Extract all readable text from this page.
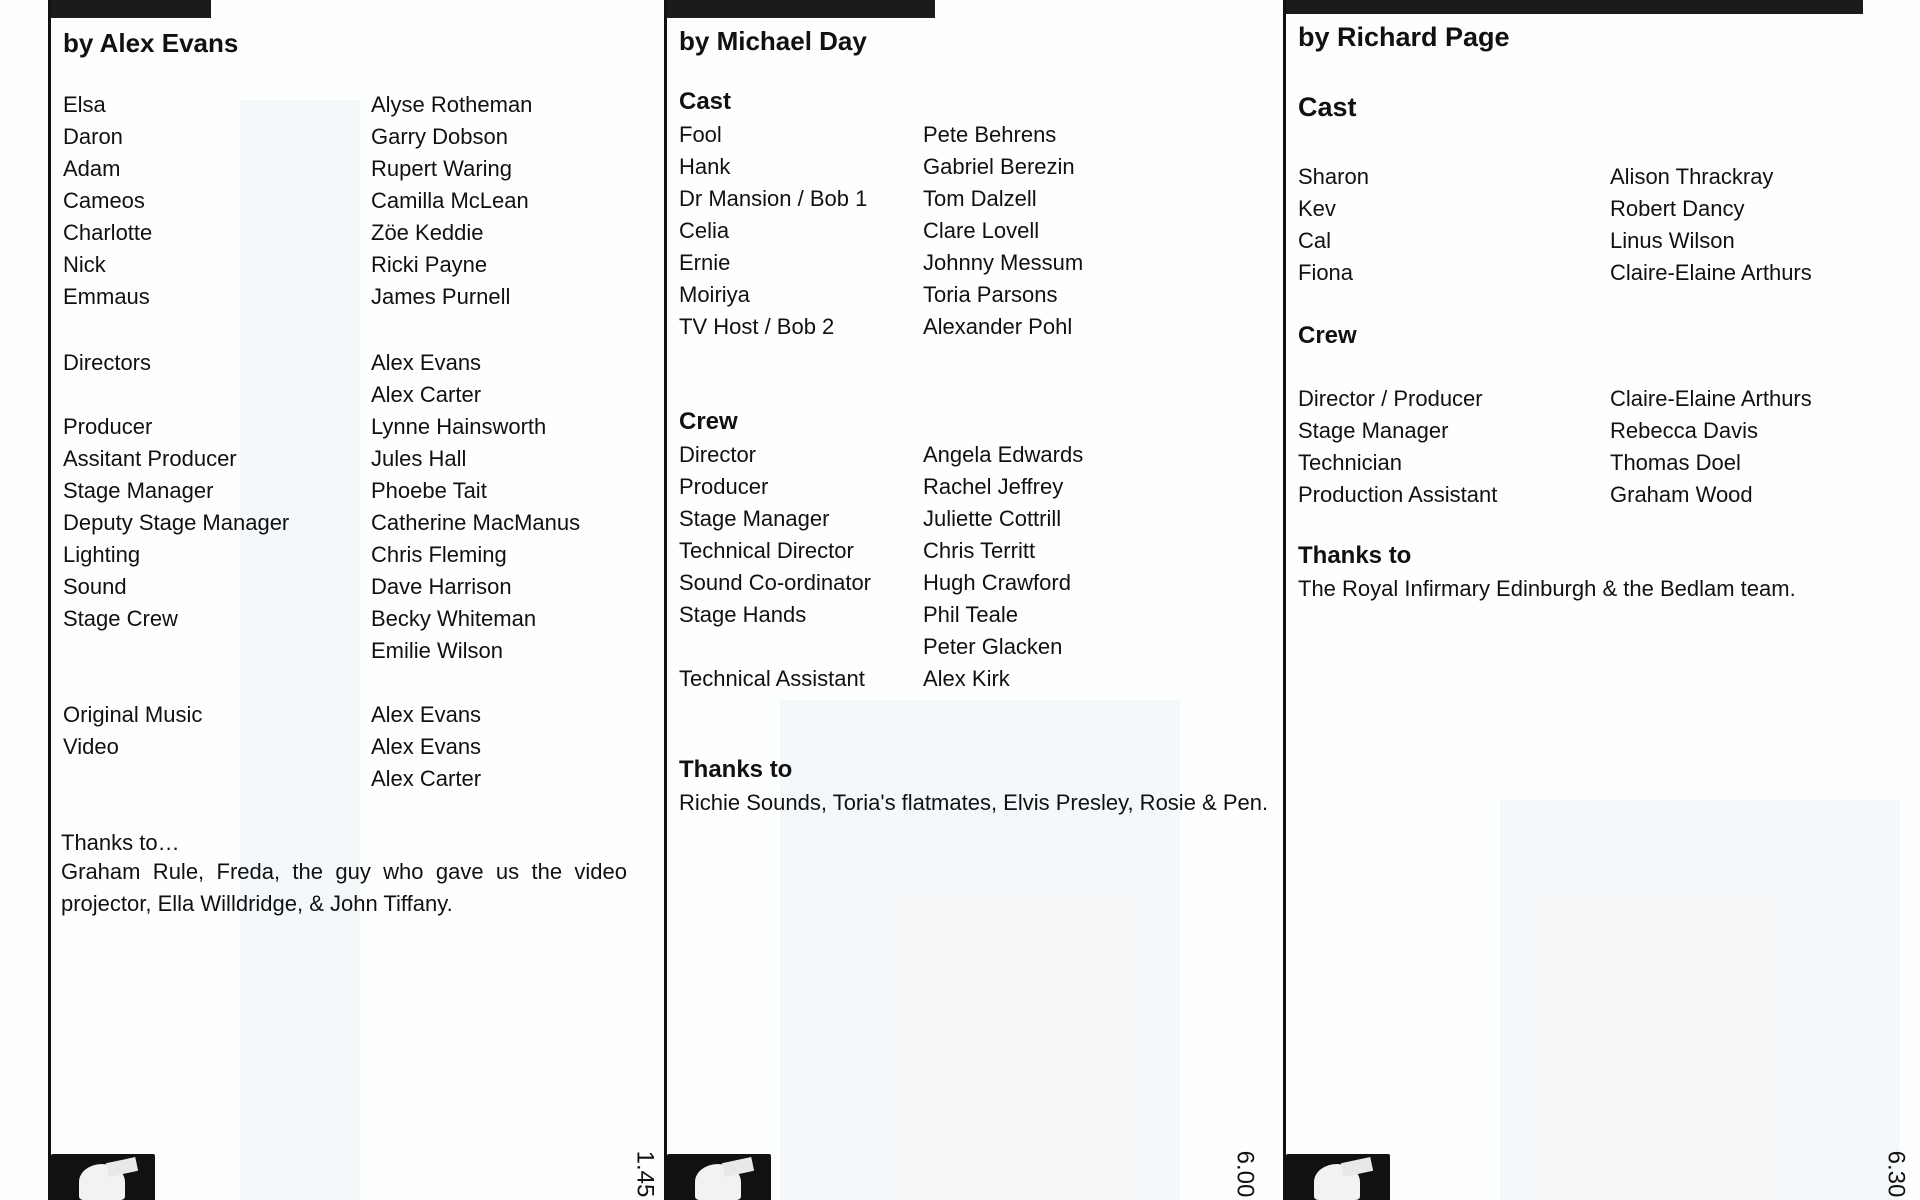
by Alex Evans
Elsa	Alyse Rotheman
Daron	Garry Dobson
Adam	Rupert Waring
Cameos	Camilla McLean
Charlotte	Zöe Keddie
Nick	Ricki Payne
Emmaus	James Purnell
Directors	Alex Evans
Alex Carter
Producer	Lynne Hainsworth
Assitant Producer	Jules Hall
Stage Manager	Phoebe Tait
Deputy Stage Manager	Catherine MacManus
Lighting	Chris Fleming
Sound	Dave Harrison
Stage Crew	Becky Whiteman
Emilie Wilson
Original Music	Alex Evans
Video	Alex Evans
Alex Carter
Thanks to…
Graham Rule, Freda, the guy who gave us the video projector, Ella Willdridge, & John Tiffany.
1.45
by Michael Day
Cast
Fool	Pete Behrens
Hank	Gabriel Berezin
Dr Mansion / Bob 1	Tom Dalzell
Celia	Clare Lovell
Ernie	Johnny Messum
Moiriya	Toria Parsons
TV Host / Bob 2	Alexander Pohl
Crew
Director	Angela Edwards
Producer	Rachel Jeffrey
Stage Manager	Juliette Cottrill
Technical Director	Chris Territt
Sound Co-ordinator Hugh Crawford
Stage Hands	Phil Teale
Peter Glacken
Technical Assistant	Alex Kirk
Thanks to
Richie Sounds, Toria's flatmates, Elvis Presley, Rosie & Pen.
6.00
by Richard Page
Cast
Sharon	Alison Thrackray
Kev	Robert Dancy
Cal	Linus Wilson
Fiona	Claire-Elaine Arthurs
Crew
Director / Producer	Claire-Elaine Arthurs
Stage Manager	Rebecca Davis
Technician	Thomas Doel
Production Assistant	Graham Wood
Thanks to
The Royal Infirmary Edinburgh & the Bedlam team.
6.30
